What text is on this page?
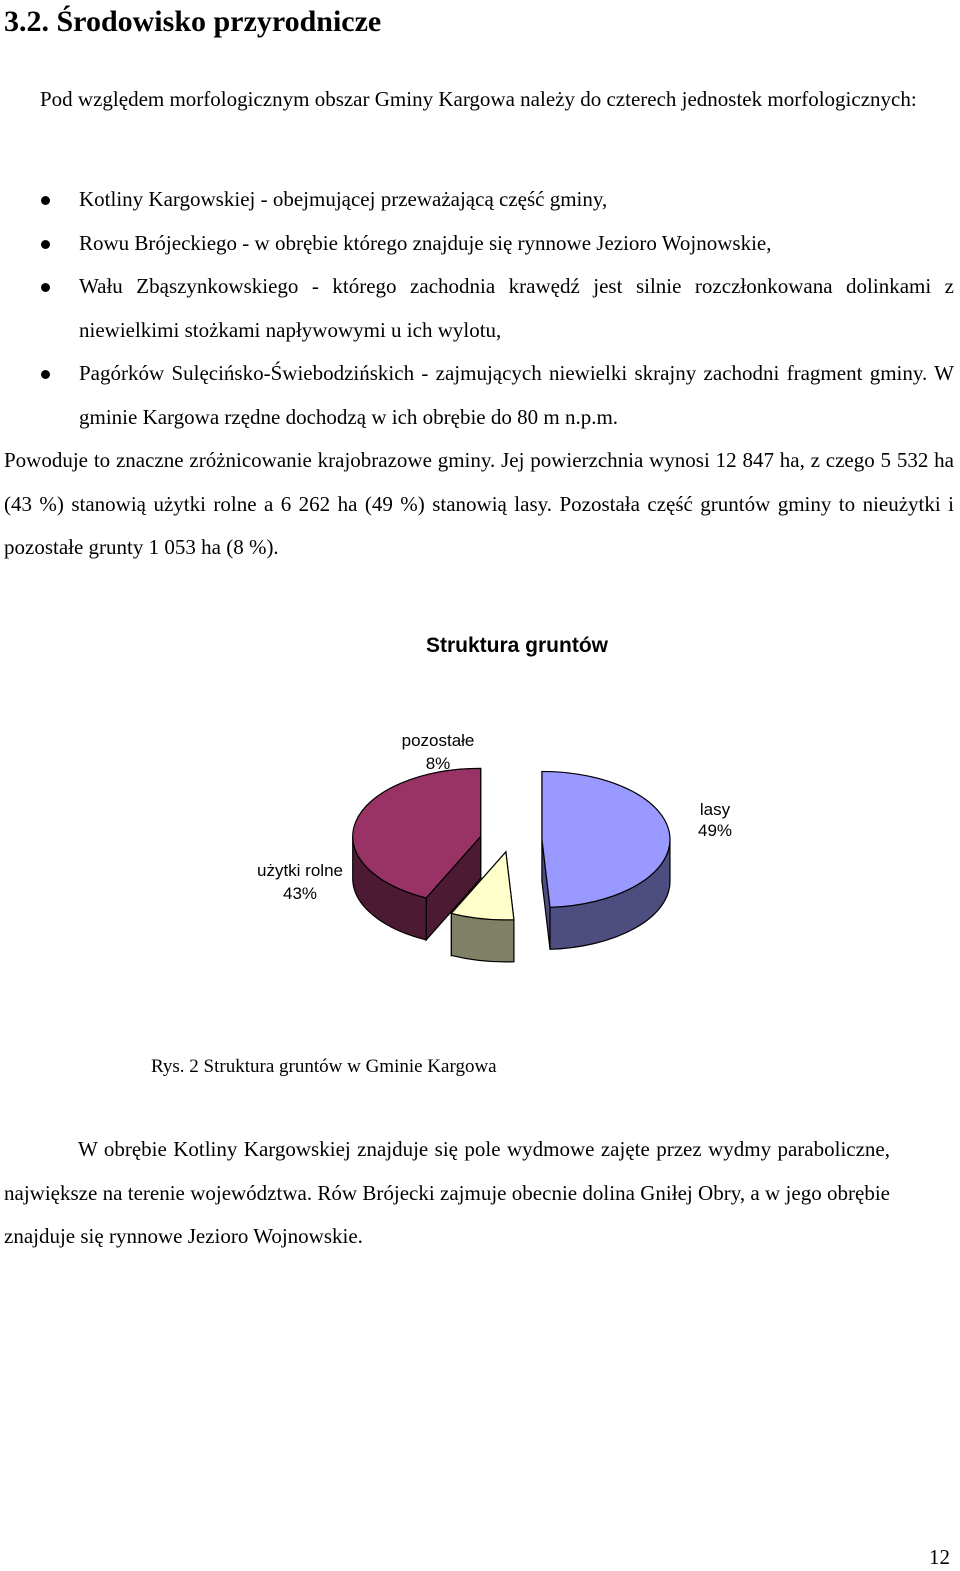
3.2. Środowisko przyrodnicze

Pod względem morfologicznym obszar Gminy Kargowa należy do czterech jednostek morfologicznych:

Kotliny Kargowskiej - obejmującej przeważającą część gminy,
Rowu Brójeckiego - w obrębie którego znajduje się rynnowe Jezioro Wojnowskie,
Wału Zbąszynkowskiego - którego zachodnia krawędź jest silnie rozczłonkowana dolinkami z niewielkimi stożkami napływowymi u ich wylotu,
Pagórków Sulęcińsko-Świebodzińskich - zajmujących niewielki skrajny zachodni fragment gminy. W gminie Kargowa rzędne dochodzą w ich obrębie do 80 m n.p.m.

Powoduje to znaczne zróżnicowanie krajobrazowe gminy. Jej powierzchnia wynosi 12 847 ha, z czego 5 532 ha (43 %) stanowią użytki rolne a 6 262 ha (49 %) stanowią lasy. Pozostała część gruntów gminy to nieużytki i pozostałe grunty 1 053 ha (8 %).

Struktura gruntów
lasy
49%
pozostałe
8%
użytki rolne
43%

Rys. 2 Struktura gruntów w Gminie Kargowa

W obrębie Kotliny Kargowskiej znajduje się pole wydmowe zajęte przez wydmy paraboliczne, największe na terenie województwa. Rów Brójecki zajmuje obecnie dolina Gniłej Obry, a w jego obrębie znajduje się rynnowe Jezioro Wojnowskie.

12
